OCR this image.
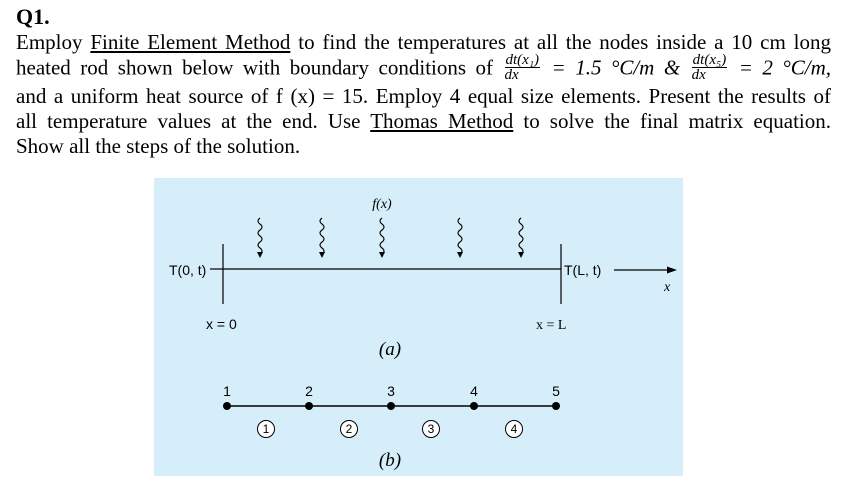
Q1.
Employ Finite Element Method to find the temperatures at all the nodes inside a 10 cm long
heated rod shown below with boundary conditions of $\frac{\text{dt(x₁)}}{dx} = 1.5$ °C/m & $\frac{\text{dt(x₅)}}{dx} = 2$ °C/m,
and a uniform heat source of f (x) = 15. Employ 4 equal size elements. Present the results of
all temperature values at the end. Use Thomas Method to solve the final matrix equation.
Show all the steps of the solution.
f(x)
T(0, t)	T(L, t)
x
x = 0	x = L
(a)
1	2	3	4	5
1	2	3	4
(b)
